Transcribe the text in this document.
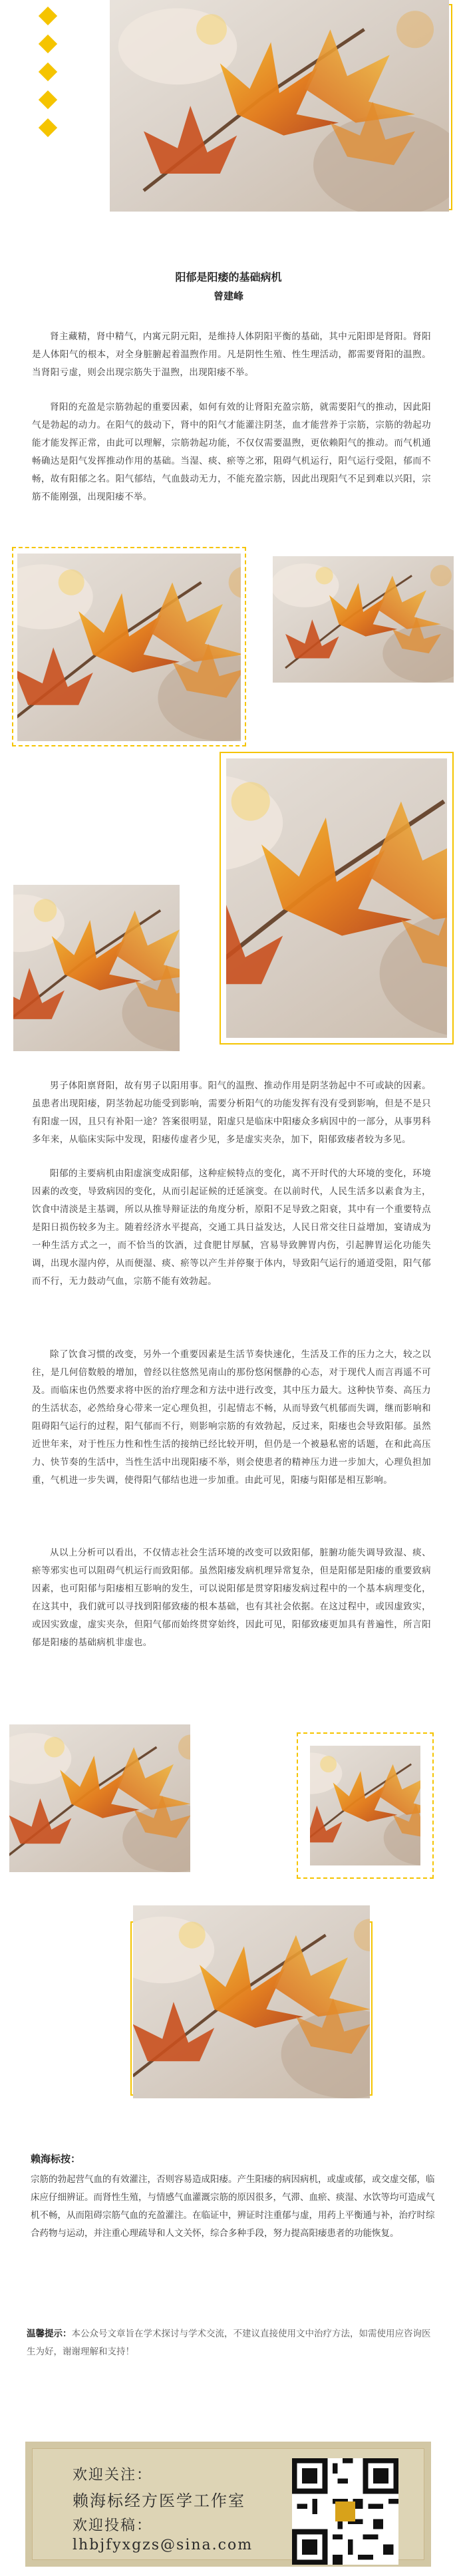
阳郁是阳痿的基础病机
曾建峰
肾主藏精，肾中精气，内寓元阴元阳，是维持人体阴阳平衡的基础，其中元阳即是肾阳。肾阳是人体阳气的根本，对全身脏腑起着温煦作用。凡是阴性生殖、性生理活动，都需要肾阳的温煦。当肾阳亏虚，则会出现宗筋失于温煦，出现阳痿不举。
肾阳的充盈是宗筋勃起的重要因素，如何有效的让肾阳充盈宗筋，就需要阳气的推动，因此阳气是勃起的动力。在阳气的鼓动下，肾中的阳气才能灌注阴茎，血才能营养于宗筋，宗筋的勃起功能才能发挥正常，由此可以理解，宗筋勃起功能，不仅仅需要温煦，更依赖阳气的推动。而气机通畅确达是阳气发挥推动作用的基础。当湿、痰、瘀等之邪，阻碍气机运行，阳气运行受阻，郁而不畅，故有阳郁之名。阳气郁结，气血鼓动无力，不能充盈宗筋，因此出现阳气不足到难以兴阳，宗筋不能刚强，出现阳痿不举。
男子体阳禀肾阳，故有男子以阳用事。阳气的温煦、推动作用是阴茎勃起中不可或缺的因素。虽患者出现阳痿，阴茎勃起功能受到影响，需要分析阳气的功能发挥有没有受到影响，但是不是只有阳虚一因，且只有补阳一途？答案很明显，阳虚只是临床中阳痿众多病因中的一部分，从事男科多年来，从临床实际中发现，阳痿传虚者少见，多是虚实夹杂，加下，阳郁致痿者较为多见。
阳郁的主要病机由阳虚演变成阳郁，这种症候特点的变化，离不开时代的大环境的变化，环境因素的改变，导致病因的变化，从而引起证候的迁延演变。在以前时代，人民生活多以素食为主，饮食中清淡是主基调，所以从推导辩证法的角度分析，原阳不足导致之阳衰，其中有一个重要特点是阳日损伤较多为主。随着经济水平提高，交通工具日益发达，人民日常交往日益增加，宴请成为一种生活方式之一，而不恰当的饮酒，过食肥甘厚腻，宫易导致脾胃内伤，引起脾胃运化功能失调，出现水湿内停，从而便湿、痰、瘀等以产生并停聚于体内，导致阳气运行的通道受阻，阳气郁而不行，无力鼓动气血，宗筋不能有效勃起。
除了饮食习惯的改变，另外一个重要因素是生活节奏快速化，生活及工作的压力之大，较之以往，是几何倍数般的增加，曾经以往悠然见南山的那份悠闲惬静的心态，对于现代人而言再遥不可及。而临床也仍然要求将中医的治疗理念和方法中进行改变，其中压力最大。这种快节奏、高压力的生活状态，必然给身心带来一定心理负担，引起情志不畅，从而导致气机郁而失调，继而影响和阻碍阳气运行的过程，阳气郁而不行，则影响宗筋的有效勃起，反过来，阳痿也会导致阳郁。虽然近世年来，对于性压力性和性生活的接纳已经比较开明，但仍是一个被悬私密的话题，在和此高压力、快节奏的生活中，当性生活中出现阳痿不举，则会使患者的精神压力进一步加大，心理负担加重，气机进一步失调，使得阳气郁结也进一步加重。由此可见，阳痿与阳郁是相互影响。
从以上分析可以看出，不仅情志社会生活环境的改变可以致阳郁，脏腑功能失调导致湿、痰、瘀等邪实也可以阻碍气机运行而致阳郁。虽然阳痿发病机理异常复杂，但是阳郁是阳痿的重要致病因素，也可阳郁与阳痿相互影响的发生，可以说阳郁是贯穿阳痿发病过程中的一个基本病理变化，在这其中，我们就可以寻找到阳郁致痿的根本基础，也有其社会依据。在这过程中，或因虚致实，或因实致虚，虚实夹杂，但阳气郁而始终贯穿始终，因此可见，阳郁致痿更加具有普遍性，所言阳郁是阳痿的基础病机非虚也。
赖海标按：
宗筋的勃起营气血的有效灌注，否则容易造成阳痿。产生阳痿的病因病机，或虚或郁，或交虚交郁，临床应仔细辨证。而肾性生殖，与情感气血灌溉宗筋的原因很多，气滞、血瘀、痰湿、水饮等均可造成气机不畅，从而阻碍宗筋气血的充盈灌注。在临证中，辨证时注重郁与虚，用药上平衡通与补，治疗时综合药物与运动，并注重心理疏导和人文关怀，综合多种手段，努力提高阳痿患者的功能恢复。
温馨提示：本公众号文章旨在学术探讨与学术交流，不建议直接使用文中治疗方法，如需使用应咨询医生为好，谢谢理解和支持！
欢迎关注：
赖海标经方医学工作室
欢迎投稿：
lhbjfyxgzs@sina.com
